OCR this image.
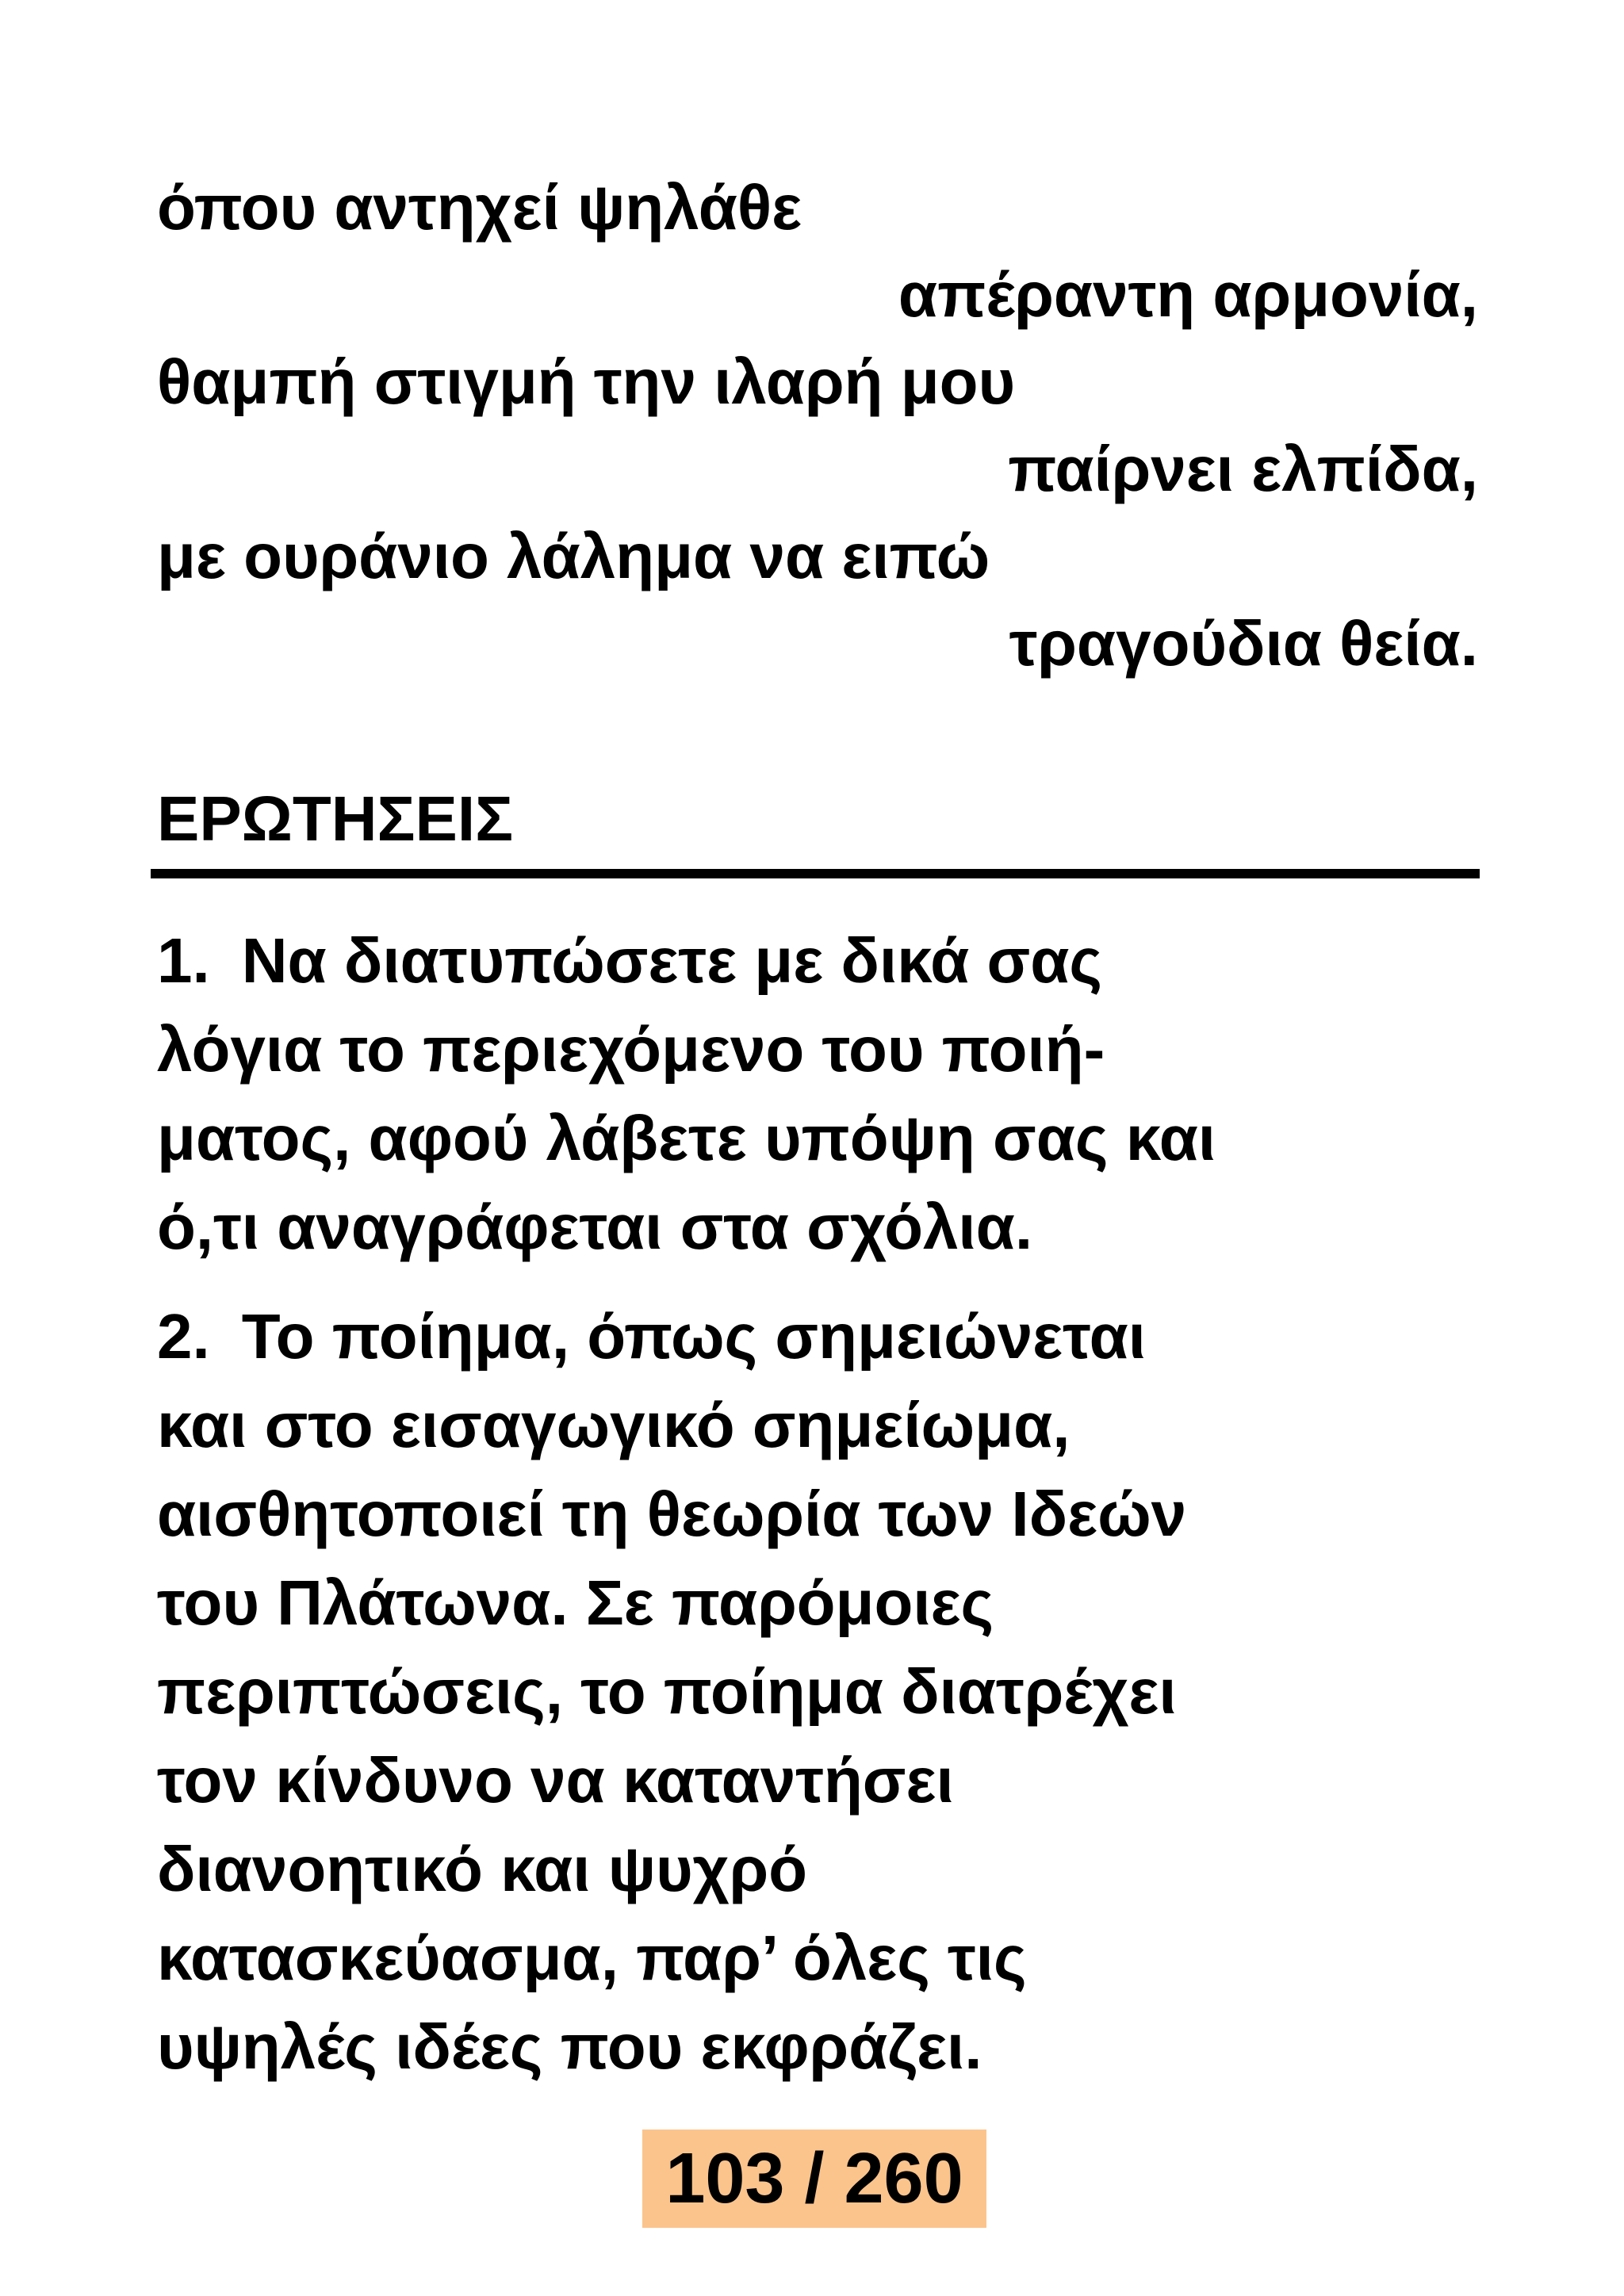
όπου αντηχεί ψηλάθε
απέραντη αρμονία,
θαμπή στιγμή την ιλαρή μου
παίρνει ελπίδα,
με ουράνιο λάλημα να ειπώ
τραγούδια θεία.
ΕΡΩΤΗΣΕΙΣ
1. Να διατυπώσετε με δικά σας
λόγια το περιεχόμενο του ποιή-
ματος, αφού λάβετε υπόψη σας και
ό,τι αναγράφεται στα σχόλια.
2. Το ποίημα, όπως σημειώνεται
και στο εισαγωγικό σημείωμα,
αισθητοποιεί τη θεωρία των Ιδεών
του Πλάτωνα. Σε παρόμοιες
περιπτώσεις, το ποίημα διατρέχει
τον κίνδυνο να καταντήσει
διανοητικό και ψυχρό
κατασκεύασμα, παρ’ όλες τις
υψηλές ιδέες που εκφράζει.
103 / 260
